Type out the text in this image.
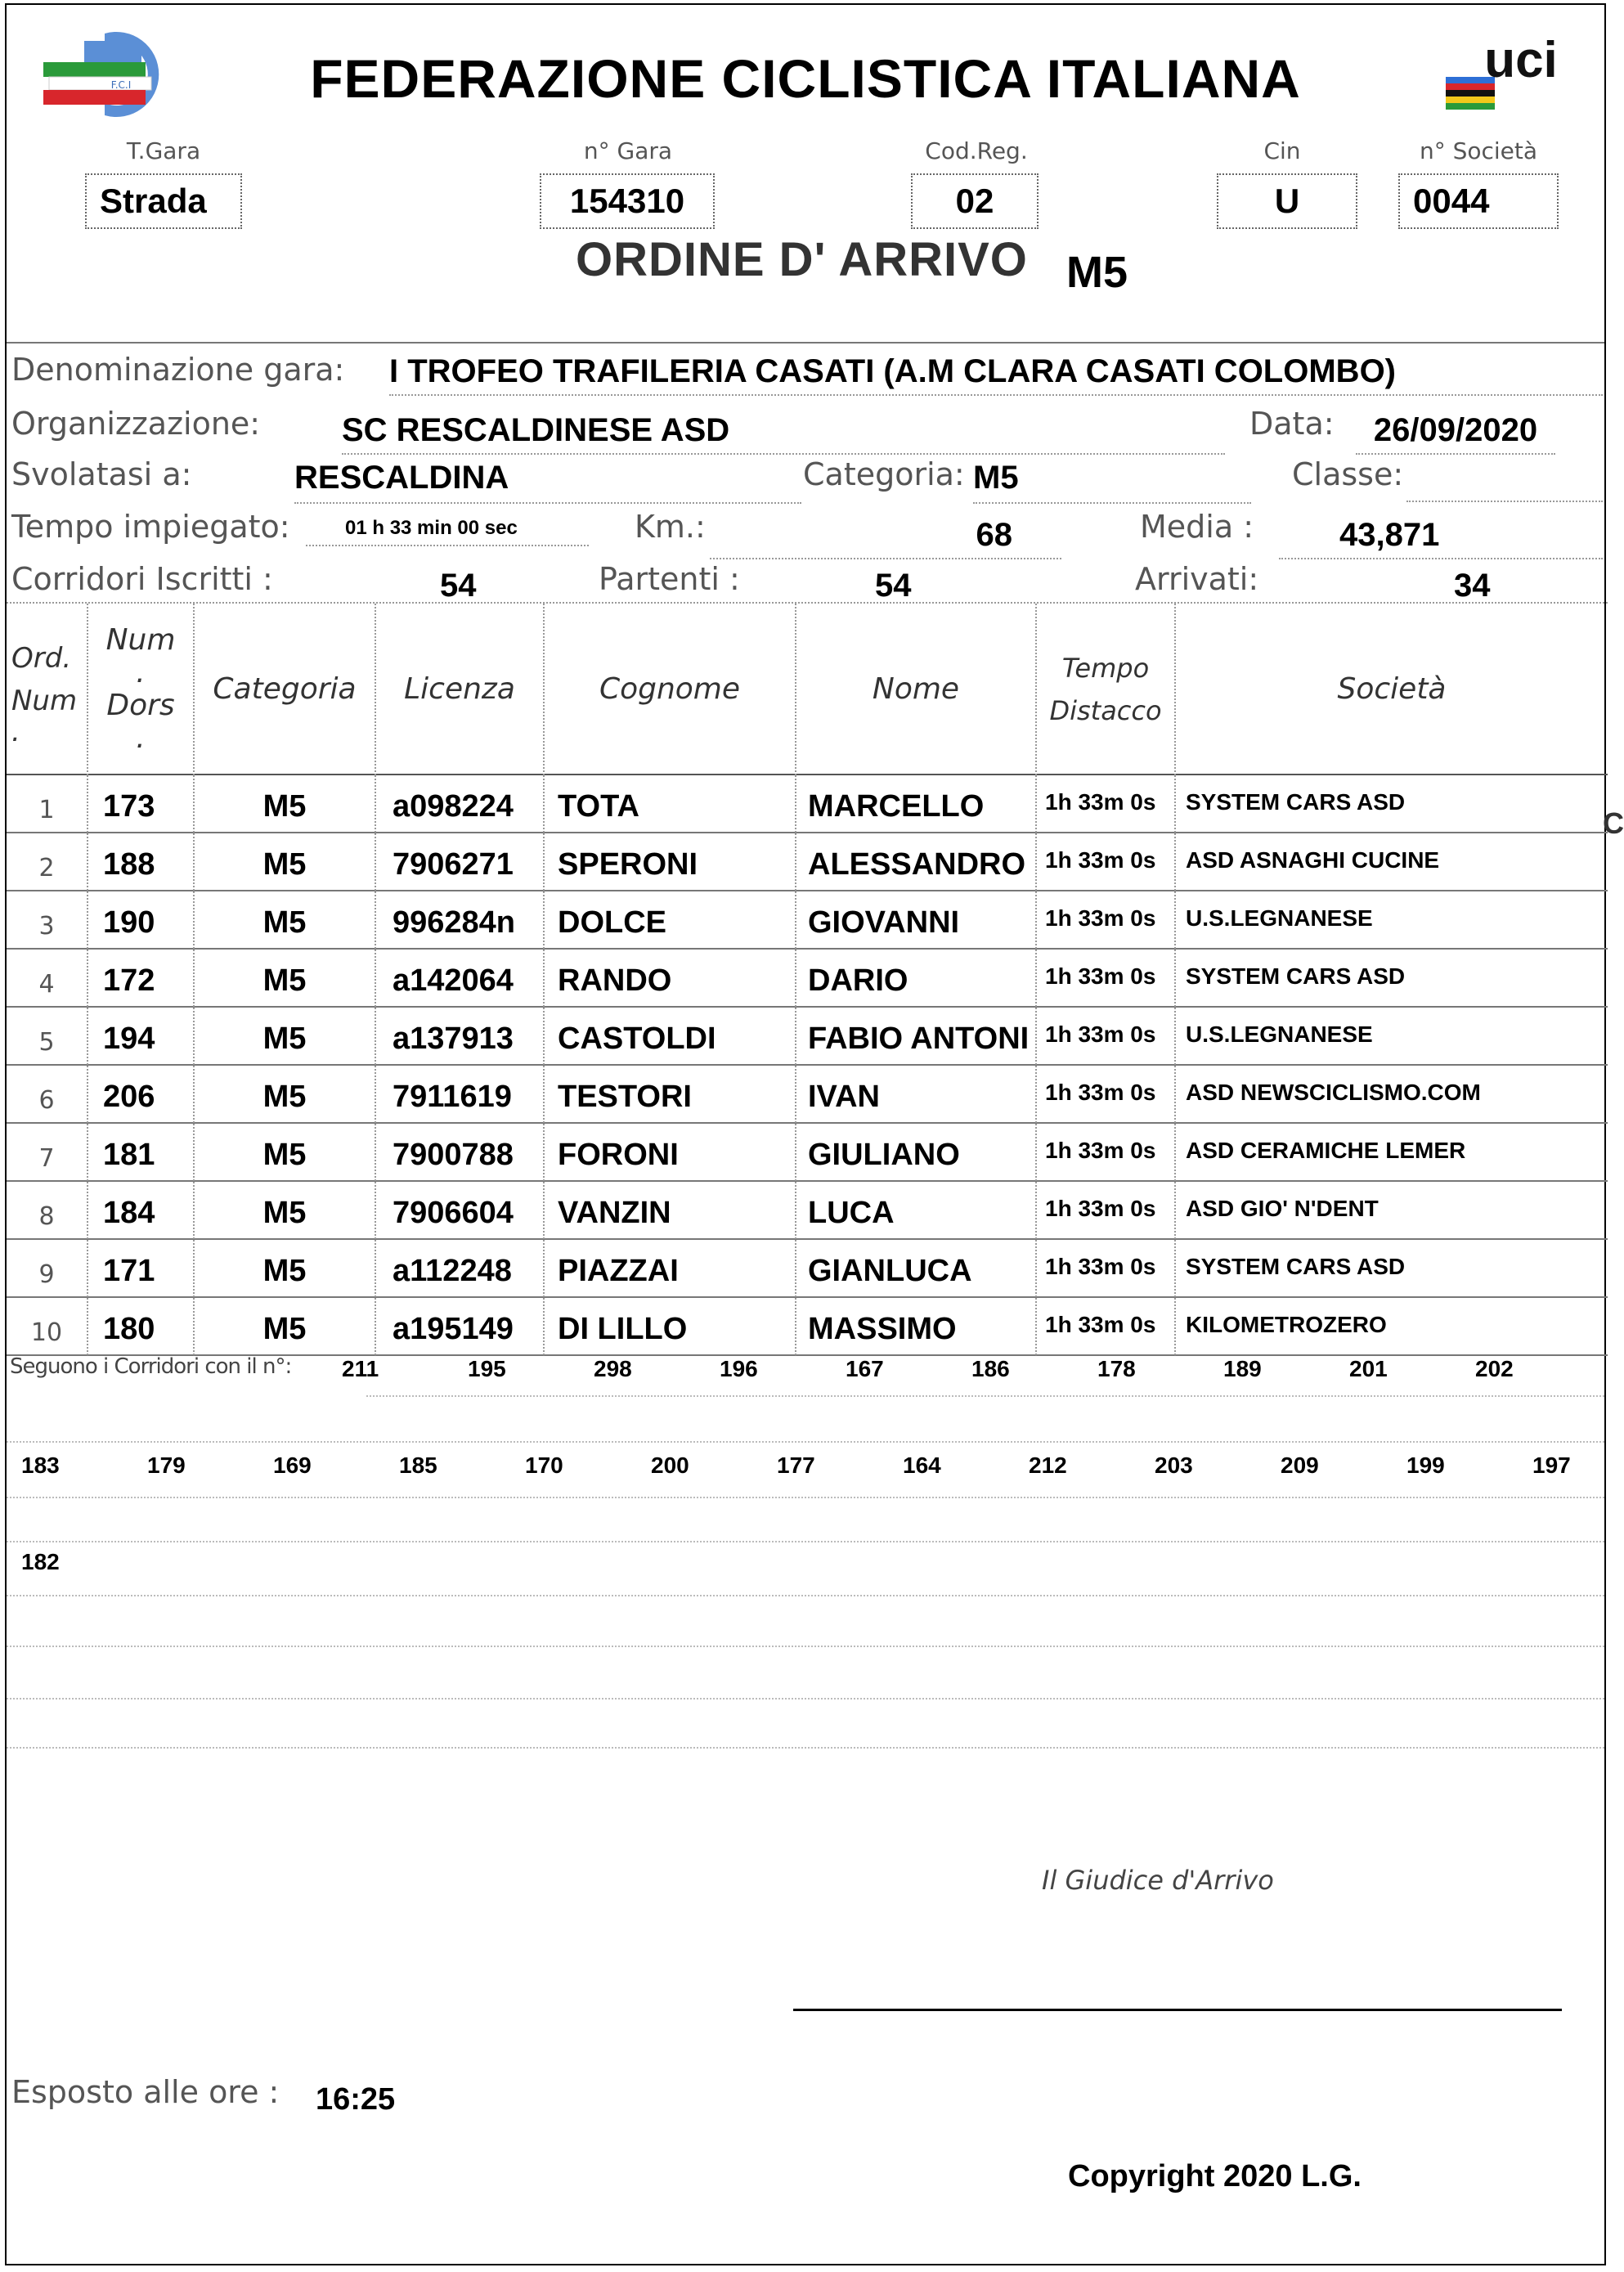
F.C.I	uci
FEDERAZIONE CICLISTICA ITALIANA
T.Gara
Strada
n° Gara
154310
Cod.Reg.
02
Cin
U
n° Società
0044
ORDINE D' ARRIVO M5
Denominazione gara: I TROFEO TRAFILERIA CASATI (A.M CLARA CASATI COLOMBO)
Organizzazione: SC RESCALDINESE ASD	Data:	26/09/2020
Svolatasi a:	RESCALDINA	Categoria: M5	Classe:
Tempo impiegato:	01 h 33 min 00 sec	Km.:	68	Media :	43,871
Corridori Iscritti :	54	Partenti :	54	Arrivati:	34
Ord.
Num
.
Num
.
Dors
.
Categoria	Licenza	Cognome	Nome
Tempo
Distacco
Società
1	173	M5	a098224	TOTA	MARCELLO	1h 33m 0s	SYSTEM CARS ASD
2	188	M5	7906271	SPERONI	ALESSANDRO 1h 33m 0s	ASD ASNAGHI CUCINE
3	190	M5	996284n	DOLCE	GIOVANNI	1h 33m 0s	U.S.LEGNANESE
4	172	M5	a142064	RANDO	DARIO	1h 33m 0s	SYSTEM CARS ASD
5	194	M5	a137913	CASTOLDI	FABIO ANTONI 1h 33m 0s	U.S.LEGNANESE
6	206	M5	7911619	TESTORI	IVAN	1h 33m 0s	ASD NEWSCICLISMO.COM
7	181	M5	7900788	FORONI	GIULIANO	1h 33m 0s	ASD CERAMICHE LEMER
8	184	M5	7906604	VANZIN	LUCA	1h 33m 0s	ASD GIO' N'DENT
9	171	M5	a112248	PIAZZAI	GIANLUCA	1h 33m 0s	SYSTEM CARS ASD
10	180	M5	a195149	DI LILLO	MASSIMO	1h 33m 0s	KILOMETROZERO
C
Seguono i Corridori con il n°: 211	195	298	196	167	186	178	189	201	202
183	179	169	185	170	200	177	164	212	203	209	199	197
182
Il Giudice d'Arrivo
Esposto alle ore : 16:25
Copyright 2020 L.G.
